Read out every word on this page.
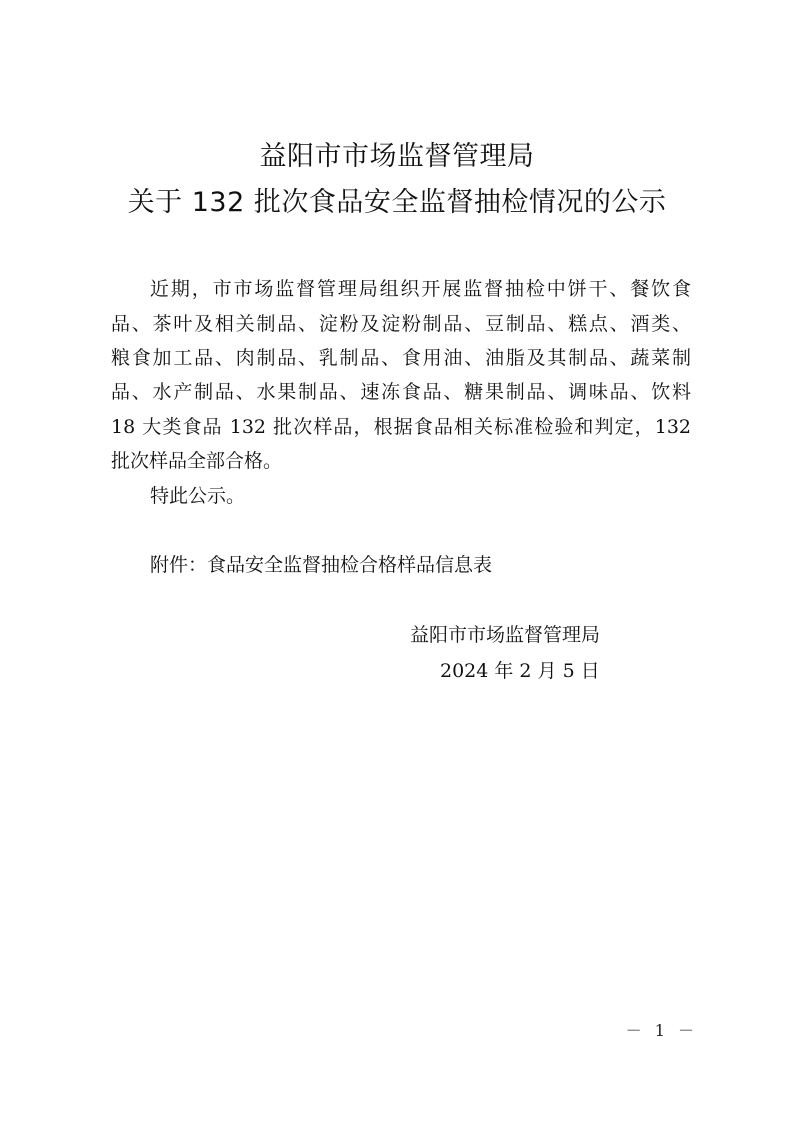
益阳市市场监督管理局
关于 132 批次食品安全监督抽检情况的公示
近期，市市场监督管理局组织开展监督抽检中饼干、餐饮食
品、茶叶及相关制品、淀粉及淀粉制品、豆制品、糕点、酒类、
粮食加工品、肉制品、乳制品、食用油、油脂及其制品、蔬菜制
品、水产制品、水果制品、速冻食品、糖果制品、调味品、饮料
18 大类食品 132 批次样品，根据食品相关标准检验和判定，132
批次样品全部合格。
特此公示。
附件：食品安全监督抽检合格样品信息表
益阳市市场监督管理局
2024 年 2 月 5 日
－ 1 －
